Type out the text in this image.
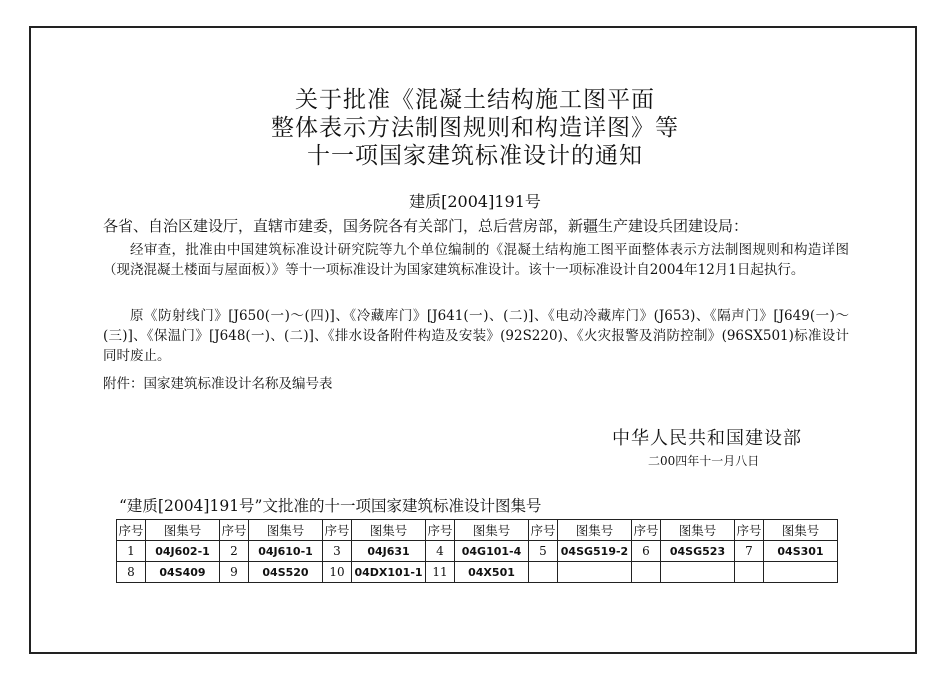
关于批准《混凝土结构施工图平面
整体表示方法制图规则和构造详图》等
十一项国家建筑标准设计的通知
建质[2004]191号

各省、自治区建设厅，直辖市建委，国务院各有关部门，总后营房部，新疆生产建设兵团建设局：

经审查，批准由中国建筑标准设计研究院等九个单位编制的《混凝土结构施工图平面整体表示方法制图规则和构造详图（现浇混凝土楼面与屋面板）》等十一项标准设计为国家建筑标准设计。该十一项标准设计自2004年12月1日起执行。

原《防射线门》[J650(一)～(四)]、《冷藏库门》[J641(一)、(二)]、《电动冷藏库门》(J653)、《隔声门》[J649(一)～(三)]、《保温门》[J648(一)、(二)]、《排水设备附件构造及安装》(92S220)、《火灾报警及消防控制》(96SX501)标准设计同时废止。

附件：国家建筑标准设计名称及编号表

中华人民共和国建设部
二00四年十一月八日
“建质[2004]191号”文批准的十一项国家建筑标准设计图集号
序号	图集号	序号	图集号	序号	图集号	序号	图集号	序号	图集号	序号	图集号	序号	图集号
1	04J602-1	2	04J610-1	3	04J631	4	04G101-4	5	04SG519-2	6	04SG523	7	04S301
8	04S409	9	04S520	10	04DX101-1	11	04X501						
